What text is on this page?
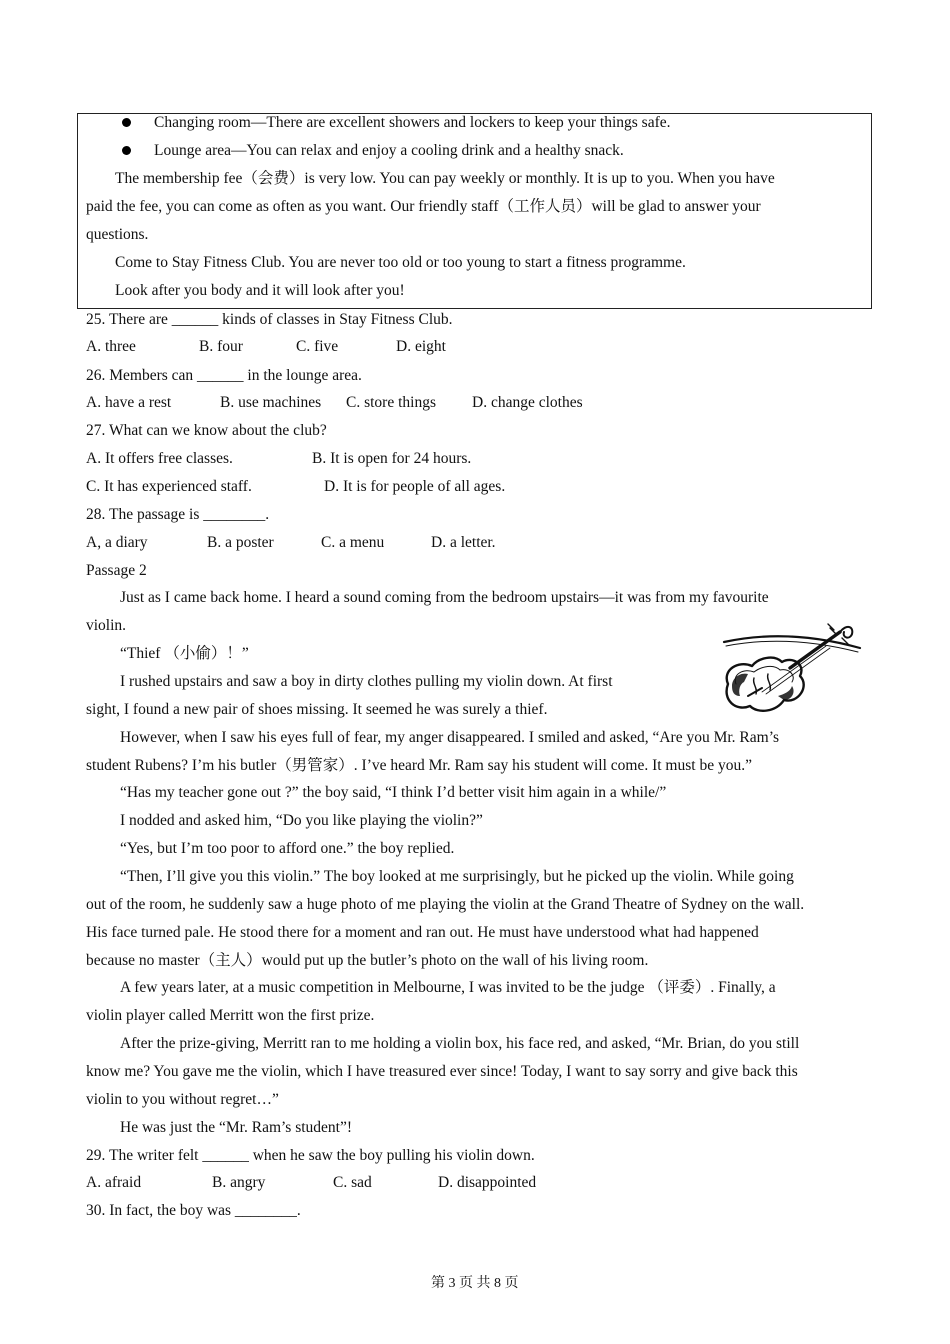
Changing room—There are excellent showers and lockers to keep your things safe.
Lounge area—You can relax and enjoy a cooling drink and a healthy snack.
The membership fee（会费）is very low. You can pay weekly or monthly. It is up to you. When you have
paid the fee, you can come as often as you want. Our friendly staff（工作人员）will be glad to answer your
questions.
Come to Stay Fitness Club. You are never too old or too young to start a fitness programme.
Look after you body and it will look after you!
25. There are ______ kinds of classes in Stay Fitness Club.
A. three	B. four	C. five	D. eight
26. Members can ______ in the lounge area.
A. have a rest	B. use machines C. store things D. change clothes
27. What can we know about the club?
A. It offers free classes.	B. It is open for 24 hours.
C. It has experienced staff.	D. It is for people of all ages.
28. The passage is ________.
A, a diary	B. a poster	C. a menu	D. a letter.
Passage 2
Just as I came back home. I heard a sound coming from the bedroom upstairs—it was from my favourite
violin.
“Thief （小偷）！”
I rushed upstairs and saw a boy in dirty clothes pulling my violin down. At first
sight, I found a new pair of shoes missing. It seemed he was surely a thief.
However, when I saw his eyes full of fear, my anger disappeared. I smiled and asked, “Are you Mr. Ram’s
student Rubens? I’m his butler（男管家）. I’ve heard Mr. Ram say his student will come. It must be you.”
“Has my teacher gone out ?” the boy said, “I think I’d better visit him again in a while/”
I nodded and asked him, “Do you like playing the violin?”
“Yes, but I’m too poor to afford one.” the boy replied.
“Then, I’ll give you this violin.” The boy looked at me surprisingly, but he picked up the violin. While going
out of the room, he suddenly saw a huge photo of me playing the violin at the Grand Theatre of Sydney on the wall.
His face turned pale. He stood there for a moment and ran out. He must have understood what had happened
because no master（主人）would put up the butler’s photo on the wall of his living room.
A few years later, at a music competition in Melbourne, I was invited to be the judge （评委）. Finally, a
violin player called Merritt won the first prize.
After the prize-giving, Merritt ran to me holding a violin box, his face red, and asked, “Mr. Brian, do you still
know me? You gave me the violin, which I have treasured ever since! Today, I want to say sorry and give back this
violin to you without regret…”
He was just the “Mr. Ram’s student”!
29. The writer felt ______ when he saw the boy pulling his violin down.
A. afraid	B. angry	C. sad	D. disappointed
30. In fact, the boy was ________.
第 3 页 共 8 页
